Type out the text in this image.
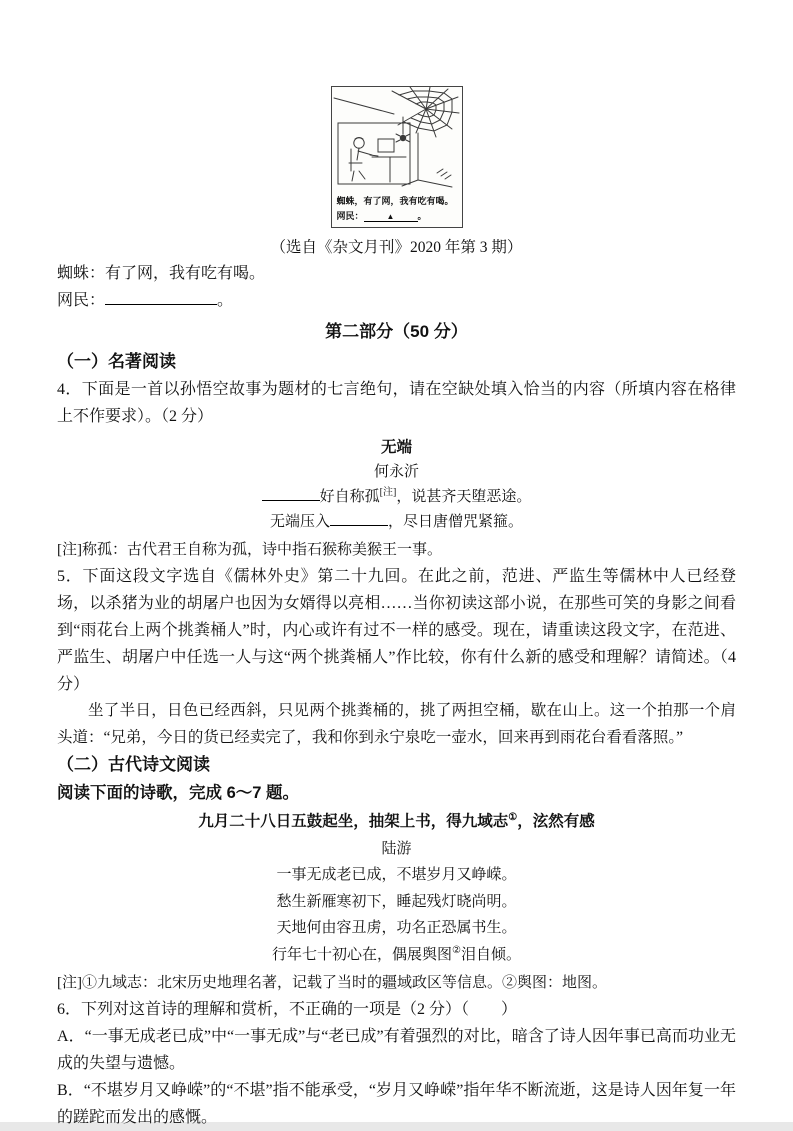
蜘蛛，有了网，我有吃有喝。
网民：	▲	。
（选自《杂文月刊》2020 年第 3 期）
蜘蛛：有了网，我有吃有喝。
网民：	。
第二部分（50 分）
（一）名著阅读
4．下面是一首以孙悟空故事为题材的七言绝句，请在空缺处填入恰当的内容（所填内容在格律上不作要求）。（2 分）
无端
何永沂
好自称孤[注]，说甚齐天堕恶途。
无端压入	，尽日唐僧咒紧箍。
[注]称孤：古代君王自称为孤，诗中指石猴称美猴王一事。
5．下面这段文字选自《儒林外史》第二十九回。在此之前，范进、严监生等儒林中人已经登场，以杀猪为业的胡屠户也因为女婿得以亮相……当你初读这部小说，在那些可笑的身影之间看到“雨花台上两个挑粪桶人”时，内心或许有过不一样的感受。现在，请重读这段文字，在范进、严监生、胡屠户中任选一人与这“两个挑粪桶人”作比较，你有什么新的感受和理解？请简述。（4 分）
坐了半日，日色已经西斜，只见两个挑粪桶的，挑了两担空桶，歇在山上。这一个拍那一个肩头道：“兄弟，今日的货已经卖完了，我和你到永宁泉吃一壶水，回来再到雨花台看看落照。”
（二）古代诗文阅读
阅读下面的诗歌，完成 6～7 题。
九月二十八日五鼓起坐，抽架上书，得九域志①，泫然有感
陆游
一事无成老已成，不堪岁月又峥嵘。
愁生新雁寒初下，睡起残灯晓尚明。
天地何由容丑虏，功名正恐属书生。
行年七十初心在，偶展舆图②泪自倾。
[注]①九域志：北宋历史地理名著，记载了当时的疆域政区等信息。②舆图：地图。
6．下列对这首诗的理解和赏析，不正确的一项是（2 分）（　　）
A．“一事无成老已成”中“一事无成”与“老已成”有着强烈的对比，暗含了诗人因年事已高而功业无成的失望与遗憾。
B．“不堪岁月又峥嵘”的“不堪”指不能承受，“岁月又峥嵘”指年华不断流逝，这是诗人因年复一年的蹉跎而发出的感慨。
